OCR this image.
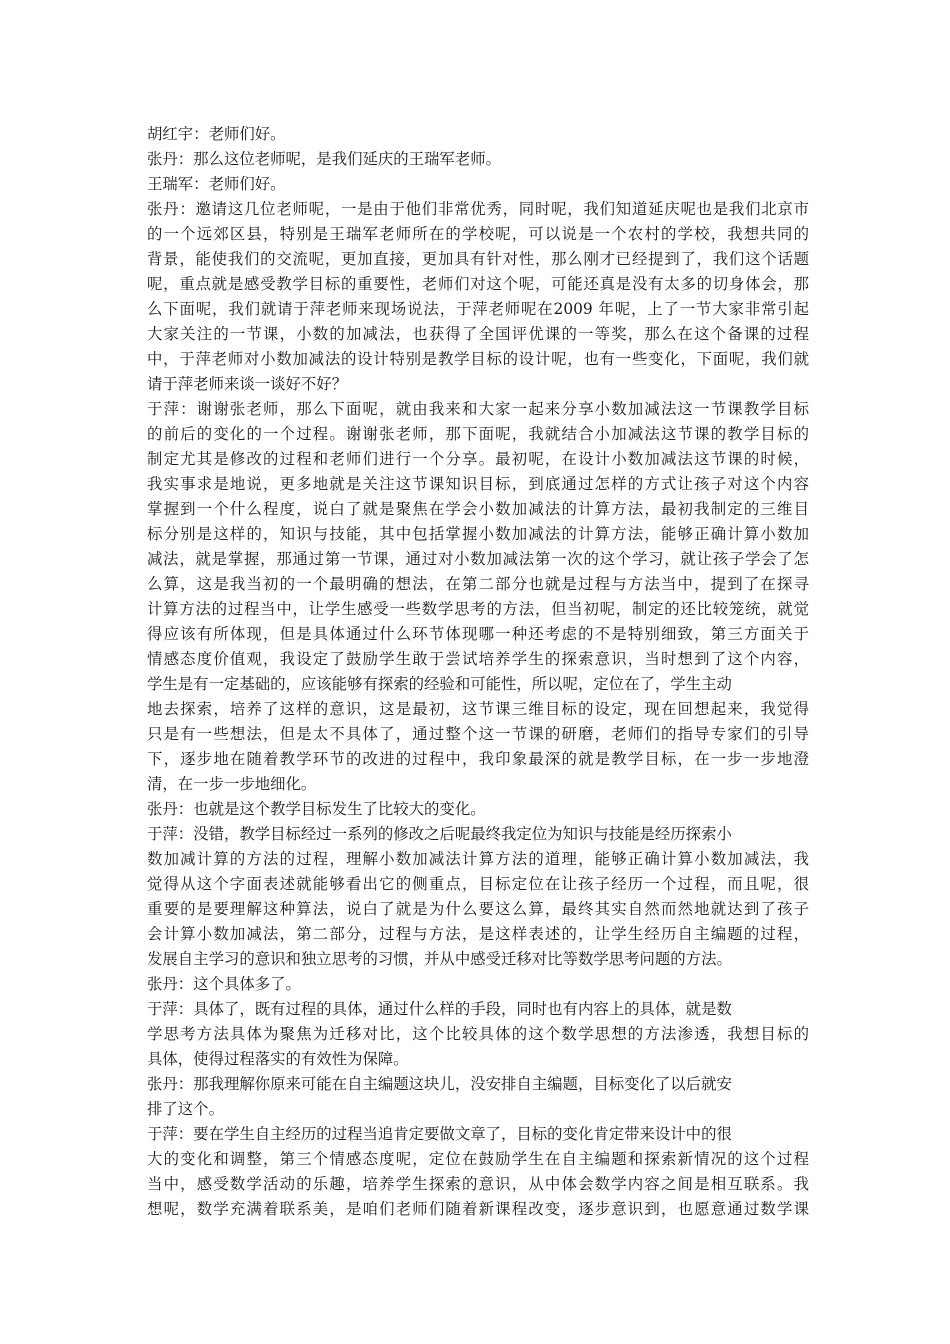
胡红宇：老师们好。
张丹：那么这位老师呢，是我们延庆的王瑞军老师。
王瑞军：老师们好。
张丹：邀请这几位老师呢，一是由于他们非常优秀，同时呢，我们知道延庆呢也是我们北京市
的一个远郊区县，特别是王瑞军老师所在的学校呢，可以说是一个农村的学校，我想共同的
背景，能使我们的交流呢，更加直接，更加具有针对性，那么刚才已经提到了，我们这个话题
呢，重点就是感受教学目标的重要性，老师们对这个呢，可能还真是没有太多的切身体会，那
么下面呢，我们就请于萍老师来现场说法，于萍老师呢在2009 年呢，上了一节大家非常引起
大家关注的一节课，小数的加减法，也获得了全国评优课的一等奖，那么在这个备课的过程
中，于萍老师对小数加减法的设计特别是教学目标的设计呢，也有一些变化，下面呢，我们就
请于萍老师来谈一谈好不好？
于萍：谢谢张老师，那么下面呢，就由我来和大家一起来分享小数加减法这一节课教学目标
的前后的变化的一个过程。谢谢张老师，那下面呢，我就结合小加减法这节课的教学目标的
制定尤其是修改的过程和老师们进行一个分享。最初呢，在设计小数加减法这节课的时候，
我实事求是地说，更多地就是关注这节课知识目标，到底通过怎样的方式让孩子对这个内容
掌握到一个什么程度，说白了就是聚焦在学会小数加减法的计算方法，最初我制定的三维目
标分别是这样的，知识与技能，其中包括掌握小数加减法的计算方法，能够正确计算小数加
减法，就是掌握，那通过第一节课，通过对小数加减法第一次的这个学习，就让孩子学会了怎
么算，这是我当初的一个最明确的想法，在第二部分也就是过程与方法当中，提到了在探寻
计算方法的过程当中，让学生感受一些数学思考的方法，但当初呢，制定的还比较笼统，就觉
得应该有所体现，但是具体通过什么环节体现哪一种还考虑的不是特别细致，第三方面关于
情感态度价值观，我设定了鼓励学生敢于尝试培养学生的探索意识，当时想到了这个内容，
学生是有一定基础的，应该能够有探索的经验和可能性，所以呢，定位在了，学生主动
地去探索，培养了这样的意识，这是最初，这节课三维目标的设定，现在回想起来，我觉得
只是有一些想法，但是太不具体了，通过整个这一节课的研磨，老师们的指导专家们的引导
下，逐步地在随着教学环节的改进的过程中，我印象最深的就是教学目标，在一步一步地澄
清，在一步一步地细化。
张丹：也就是这个教学目标发生了比较大的变化。
于萍：没错，教学目标经过一系列的修改之后呢最终我定位为知识与技能是经历探索小
数加减计算的方法的过程，理解小数加减法计算方法的道理，能够正确计算小数加减法，我
觉得从这个字面表述就能够看出它的侧重点，目标定位在让孩子经历一个过程，而且呢，很
重要的是要理解这种算法，说白了就是为什么要这么算，最终其实自然而然地就达到了孩子
会计算小数加减法，第二部分，过程与方法，是这样表述的，让学生经历自主编题的过程，
发展自主学习的意识和独立思考的习惯，并从中感受迁移对比等数学思考问题的方法。
张丹：这个具体多了。
于萍：具体了，既有过程的具体，通过什么样的手段，同时也有内容上的具体，就是数
学思考方法具体为聚焦为迁移对比，这个比较具体的这个数学思想的方法渗透，我想目标的
具体，使得过程落实的有效性为保障。
张丹：那我理解你原来可能在自主编题这块儿，没安排自主编题，目标变化了以后就安
排了这个。
于萍：要在学生自主经历的过程当追肯定要做文章了，目标的变化肯定带来设计中的很
大的变化和调整，第三个情感态度呢，定位在鼓励学生在自主编题和探索新情况的这个过程
当中，感受数学活动的乐趣，培养学生探索的意识，从中体会数学内容之间是相互联系。我
想呢，数学充满着联系美，是咱们老师们随着新课程改变，逐步意识到，也愿意通过数学课
